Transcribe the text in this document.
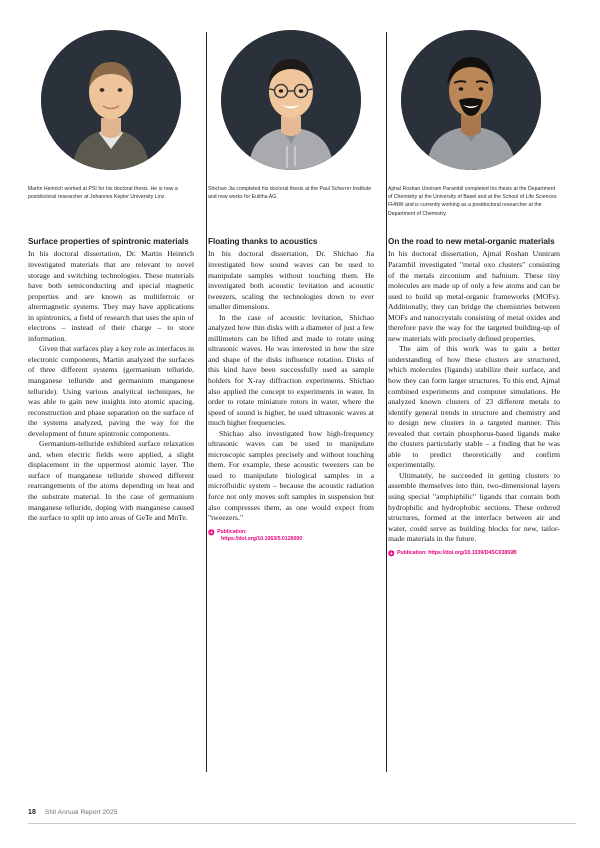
Martin Heinrich worked at PSI for his doctoral thesis. He is now a postdoctoral researcher at Johannes Kepler University Linz.
Surface properties of spintronic materials

In his doctoral dissertation, Dr. Martin Heinrich investigated materials that are relevant to novel storage and switching technologies. These materials have both semiconducting and special magnetic properties and are known as multiferroic or altermagnetic systems. They may have applications in spintronics, a field of research that uses the spin of electrons – instead of their charge – to store information.

Given that surfaces play a key role as interfaces in electronic components, Martin analyzed the surfaces of three different systems (germanium telluride, manganese telluride and germanium manganese telluride). Using various analytical techniques, he was able to gain new insights into atomic spacing, reconstruction and phase separation on the surface of the systems analyzed, paving the way for the development of future spintronic components.

Germanium-telluride exhibited surface relaxation and, when electric fields were applied, a slight displacement in the uppermost atomic layer. The surface of manganese telluride showed different rearrangements of the atoms depending on heat and the substrate material. In the case of germanium manganese telluride, doping with manganese caused the surface to split up into areas of GeTe and MnTe.

Shichao Jia completed his doctoral thesis at the Paul Scherrer Institute and now works for Eulitha AG.
Floating thanks to acoustics

In his doctoral dissertation, Dr. Shichao Jia investigated how sound waves can be used to manipulate samples without touching them. He investigated both acoustic levitation and acoustic tweezers, scaling the technologies down to ever smaller dimensions.

In the case of acoustic levitation, Shichao analyzed how thin disks with a diameter of just a few millimeters can be lifted and made to rotate using ultrasonic waves. He was interested in how the size and shape of the disks influence rotation. Disks of this kind have been successfully used as sample holders for X-ray diffraction experiments. Shichao also applied the concept to experiments in water. In order to rotate miniature rotors in water, where the speed of sound is higher, he used ultrasonic waves at much higher frequencies.

Shichao also investigated how high-frequency ultrasonic waves can be used to manipulate microscopic samples precisely and without touching them. For example, these acoustic tweezers can be used to manipulate biological samples in a microfluidic system – because the acoustic radiation force not only moves soft samples in suspension but also compresses them, as one would expect from "tweezers."

Publication:
https://doi.org/10.1063/5.0126000
Ajmal Roshan Unniram Parambil completed his thesis at the Department of Chemistry at the University of Basel and at the School of Life Sciences FHNW and is currently working as a postdoctoral researcher at the Department of Chemistry.
On the road to new metal-organic materials

In his doctoral dissertation, Ajmal Roshan Unniram Parambil investigated "metal oxo clusters" consisting of the metals zirconium and hafnium. These tiny molecules are made up of only a few atoms and can be used to build up metal-organic frameworks (MOFs). Additionally, they can bridge the chemistries between MOFs and nanocrystals consisting of metal oxides and therefore pave the way for the targeted building-up of new materials with precisely defined properties.

The aim of this work was to gain a better understanding of how these clusters are structured, which molecules (ligands) stabilize their surface, and how they can form larger structures. To this end, Ajmal combined experiments and computer simulations. He analyzed known clusters of 23 different metals to identify general trends in structure and chemistry and to design new clusters in a targeted manner. This revealed that certain phosphorus-based ligands make the clusters particularly stable – a finding that he was able to predict theoretically and confirm experimentally.

Ultimately, he succeeded in getting clusters to assemble themselves into thin, two-dimensional layers using special "amphiphilic" ligands that contain both hydrophilic and hydrophobic sections. These ordered structures, formed at the interface between air and water, could serve as building blocks for new, tailor-made materials in the future.

Publication: https://doi.org/10.1039/D4SC03859B
18 SNI Annual Report 2025
